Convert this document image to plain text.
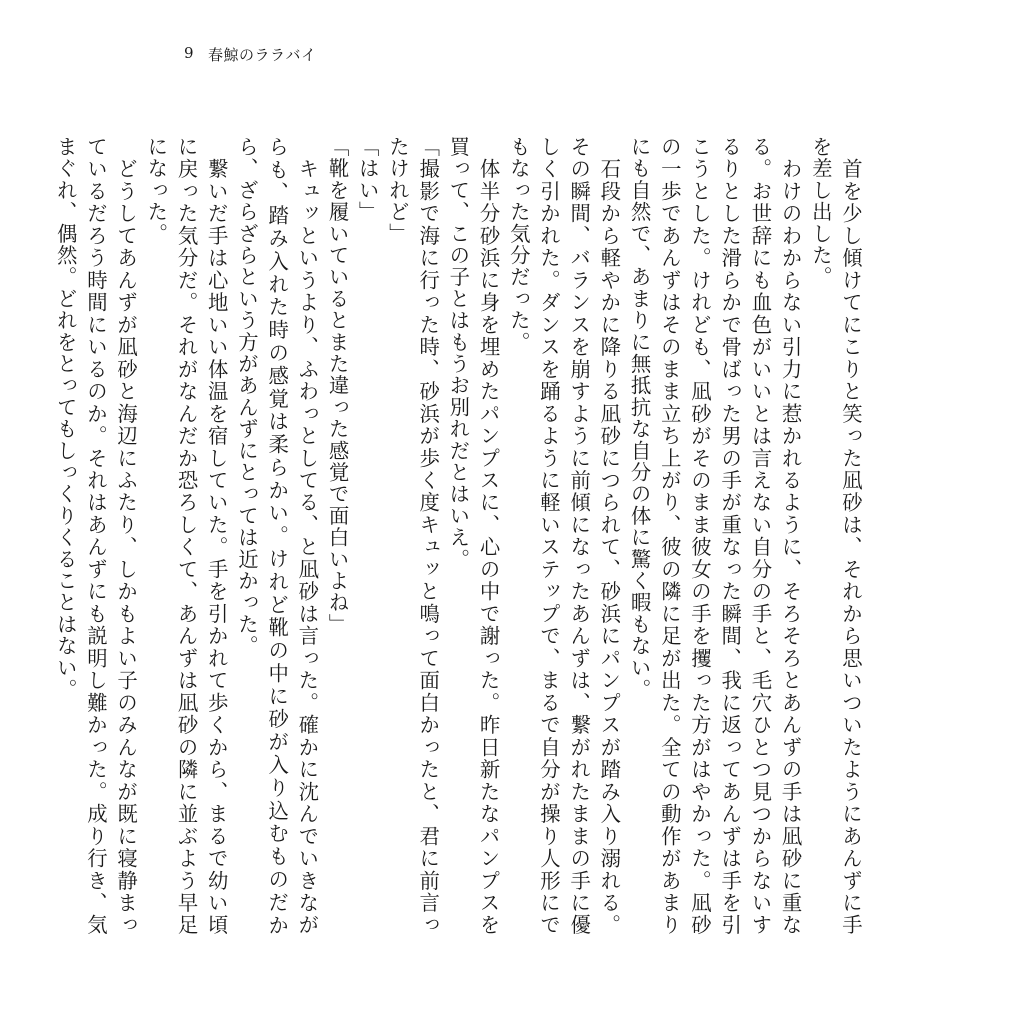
9 春鯨のララバイ

　首を少し傾けてにこりと笑った凪砂は、それから思いついたようにあんずに手を差し出した。

　わけのわからない引力に惹かれるように、そろそろとあんずの手は凪砂に重なる。お世辞にも血色がいいとは言えない自分の手と、毛穴ひとつ見つからないするりとした滑らかで骨ばった男の手が重なった瞬間、我に返ってあんずは手を引こうとした。けれども、凪砂がそのまま彼女の手を攫った方がはやかった。凪砂の一歩であんずはそのまま立ち上がり、彼の隣に足が出た。全ての動作があまりにも自然で、あまりに無抵抗な自分の体に驚く暇もない。

　石段から軽やかに降りる凪砂につられて、砂浜にパンプスが踏み入り溺れる。その瞬間、バランスを崩すように前傾になったあんずは、繋がれたままの手に優しく引かれた。ダンスを踊るように軽いステップで、まるで自分が操り人形にでもなった気分だった。

　体半分砂浜に身を埋めたパンプスに、心の中で謝った。昨日新たなパンプスを買って、この子とはもうお別れだとはいえ。

「撮影で海に行った時、砂浜が歩く度キュッと鳴って面白かったと、君に前言ったけれど」

「はい」

「靴を履いているとまた違った感覚で面白いよね」

　キュッというより、ふわっとしてる、と凪砂は言った。確かに沈んでいきながらも、踏み入れた時の感覚は柔らかい。けれど靴の中に砂が入り込むものだから、ざらざらという方があんずにとっては近かった。

　繋いだ手は心地いい体温を宿していた。手を引かれて歩くから、まるで幼い頃に戻った気分だ。それがなんだか恐ろしくて、あんずは凪砂の隣に並ぶよう早足になった。

　どうしてあんずが凪砂と海辺にふたり、しかもよい子のみんなが既に寝静まっているだろう時間にいるのか。それはあんずにも説明し難かった。成り行き、気まぐれ、偶然。どれをとってもしっくりくることはない。
